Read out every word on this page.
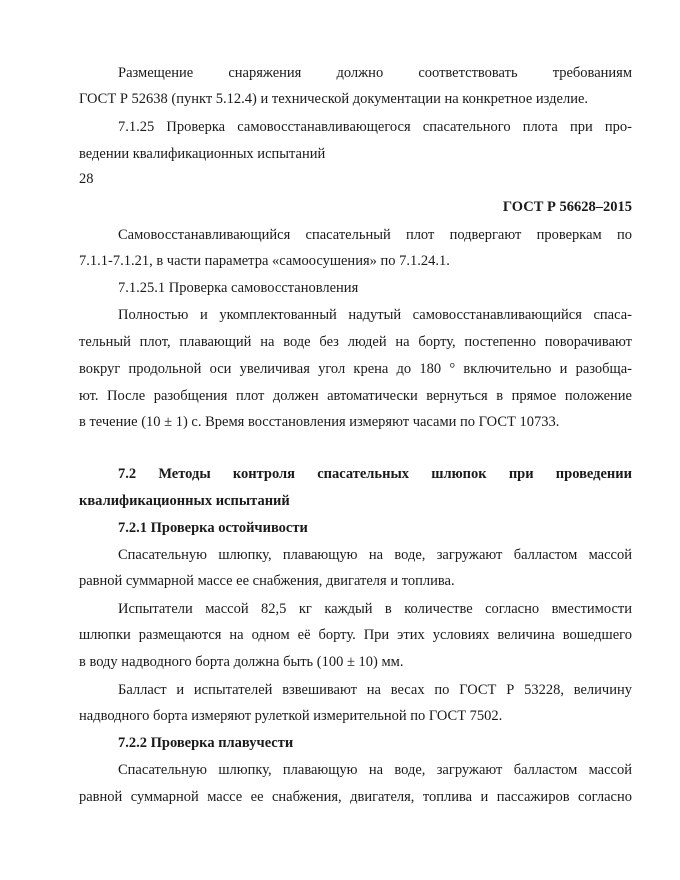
Размещение снаряжения должно соответствовать требованиям
ГОСТ Р 52638 (пункт 5.12.4) и технической документации на конкретное изделие.
7.1.25 Проверка самовосстанавливающегося спасательного плота при про-
ведении квалификационных испытаний
28
ГОСТ Р 56628–2015
Самовосстанавливающийся спасательный плот подвергают проверкам по
7.1.1-7.1.21, в части параметра «самоосушения» по 7.1.24.1.
7.1.25.1 Проверка самовосстановления
Полностью и укомплектованный надутый самовосстанавливающийся спаса-
тельный плот, плавающий на воде без людей на борту, постепенно поворачивают
вокруг продольной оси увеличивая угол крена до 180 ° включительно и разобща-
ют. После разобщения плот должен автоматически вернуться в прямое положение
в течение (10 ± 1) с. Время восстановления измеряют часами по ГОСТ 10733.
7.2 Методы контроля спасательных шлюпок при проведении
квалификационных испытаний
7.2.1 Проверка остойчивости
Спасательную шлюпку, плавающую на воде, загружают балластом массой
равной суммарной массе ее снабжения, двигателя и топлива.
Испытатели массой 82,5 кг каждый в количестве согласно вместимости
шлюпки размещаются на одном её борту. При этих условиях величина вошедшего
в воду надводного борта должна быть (100 ± 10) мм.
Балласт и испытателей взвешивают на весах по ГОСТ Р 53228, величину
надводного борта измеряют рулеткой измерительной по ГОСТ 7502.
7.2.2 Проверка плавучести
Спасательную шлюпку, плавающую на воде, загружают балластом массой
равной суммарной массе ее снабжения, двигателя, топлива и пассажиров согласно
